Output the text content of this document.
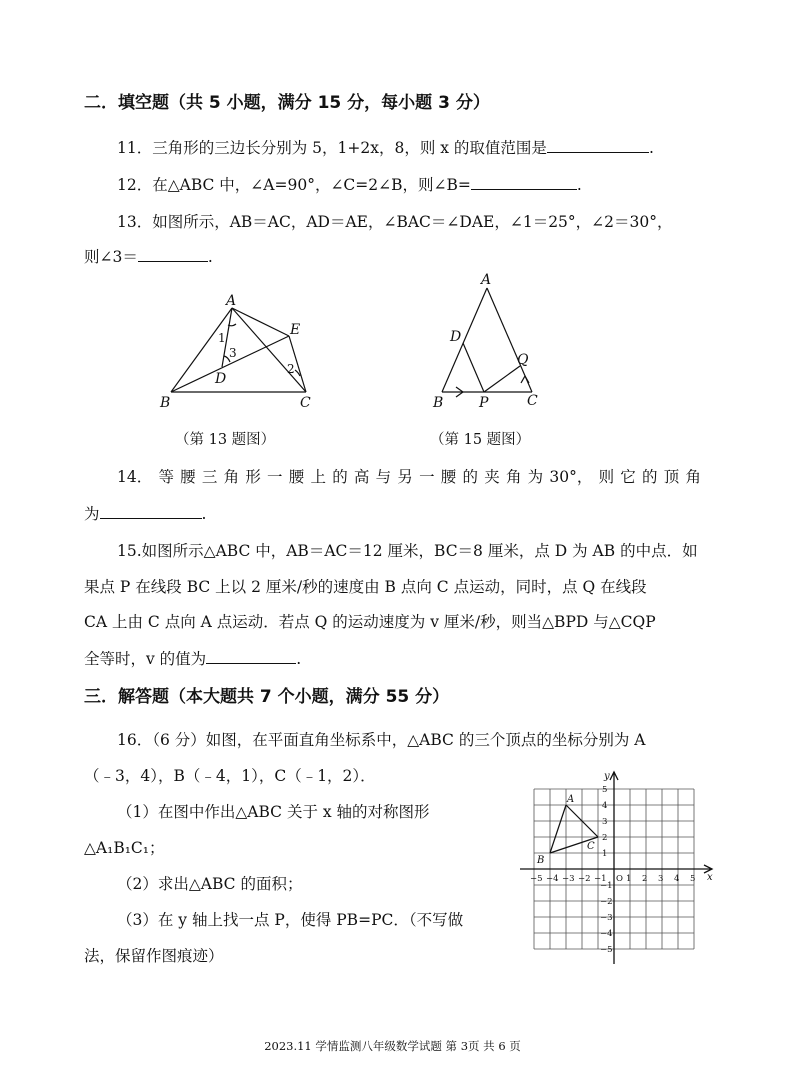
二．填空题（共 5 小题，满分 15 分，每小题 3 分）
11．三角形的三边长分别为 5，1+2x，8，则 x 的取值范围是	.
12．在△ABC 中，∠A=90°，∠C=2∠B，则∠B=	.
13．如图所示，AB＝AC，AD＝AE，∠BAC＝∠DAE，∠1＝25°，∠2＝30°，
则∠3＝	.
A
E
D
B	C
1
3
2
（第 13 题图）
A
D
Q
B	P	C
（第 15 题图）
14． 等 腰 三 角 形 一 腰 上 的 高 与 另 一 腰 的 夹 角 为 30°， 则 它 的 顶 角
为	.
15.如图所示△ABC 中，AB＝AC＝12 厘米，BC＝8 厘米，点 D 为 AB 的中点．如
果点 P 在线段 BC 上以 2 厘米/秒的速度由 B 点向 C 点运动，同时，点 Q 在线段
CA 上由 C 点向 A 点运动．若点 Q 的运动速度为 v 厘米/秒，则当△BPD 与△CQP
全等时，v 的值为	.
三．解答题（本大题共 7 个小题，满分 55 分）
16．（6 分）如图，在平面直角坐标系中，△ABC 的三个顶点的坐标分别为 A
（﹣3，4），B（﹣4，1），C（﹣1，2）．
（1）在图中作出△ABC 关于 x 轴的对称图形
△A₁B₁C₁；
（2）求出△ABC 的面积；
（3）在 y 轴上找一点 P，使得 PB=PC．（不写做
法，保留作图痕迹）
x
y
A
B
C
−5 −4 −3 −2 −1 O 1 2 3 4 5
5
4
3
2
1
−1
−2
−3
−4
−5
2023.11 学情监测八年级数学试题 第 3页 共 6 页
